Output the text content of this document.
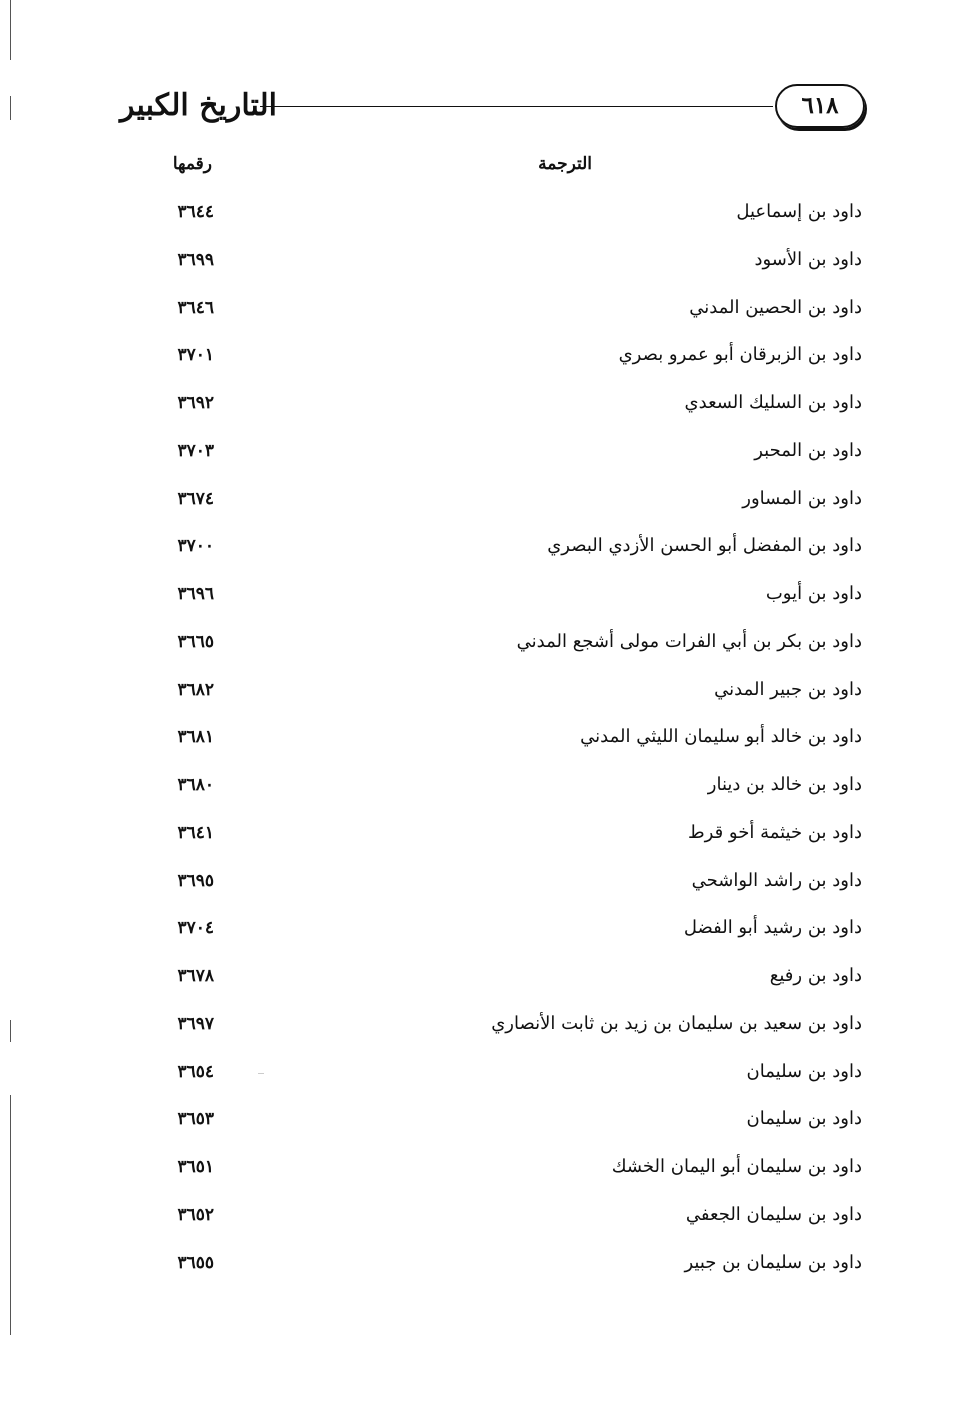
التاريخ الكبير	٦١٨
الترجمة
رقمها
داود بن إسماعيل
٣٦٤٤
داود بن الأسود
٣٦٩٩
داود بن الحصين المدني
٣٦٤٦
داود بن الزبرقان أبو عمرو بصري
٣٧٠١
داود بن السليك السعدي
٣٦٩٢
داود بن المحبر
٣٧٠٣
داود بن المساور
٣٦٧٤
داود بن المفضل أبو الحسن الأزدي البصري
٣٧٠٠
داود بن أيوب
٣٦٩٦
داود بن بكر بن أبي الفرات مولى أشجع المدني
٣٦٦٥
داود بن جبير المدني
٣٦٨٢
داود بن خالد أبو سليمان الليثي المدني
٣٦٨١
داود بن خالد بن دينار
٣٦٨٠
داود بن خيثمة أخو قرط
٣٦٤١
داود بن راشد الواشحي
٣٦٩٥
داود بن رشيد أبو الفضل
٣٧٠٤
داود بن رفيع
٣٦٧٨
داود بن سعيد بن سليمان بن زيد بن ثابت الأنصاري
٣٦٩٧
داود بن سليمان
٣٦٥٤
داود بن سليمان
٣٦٥٣
داود بن سليمان أبو اليمان الخشك
٣٦٥١
داود بن سليمان الجعفي
٣٦٥٢
داود بن سليمان بن جبير
٣٦٥٥
